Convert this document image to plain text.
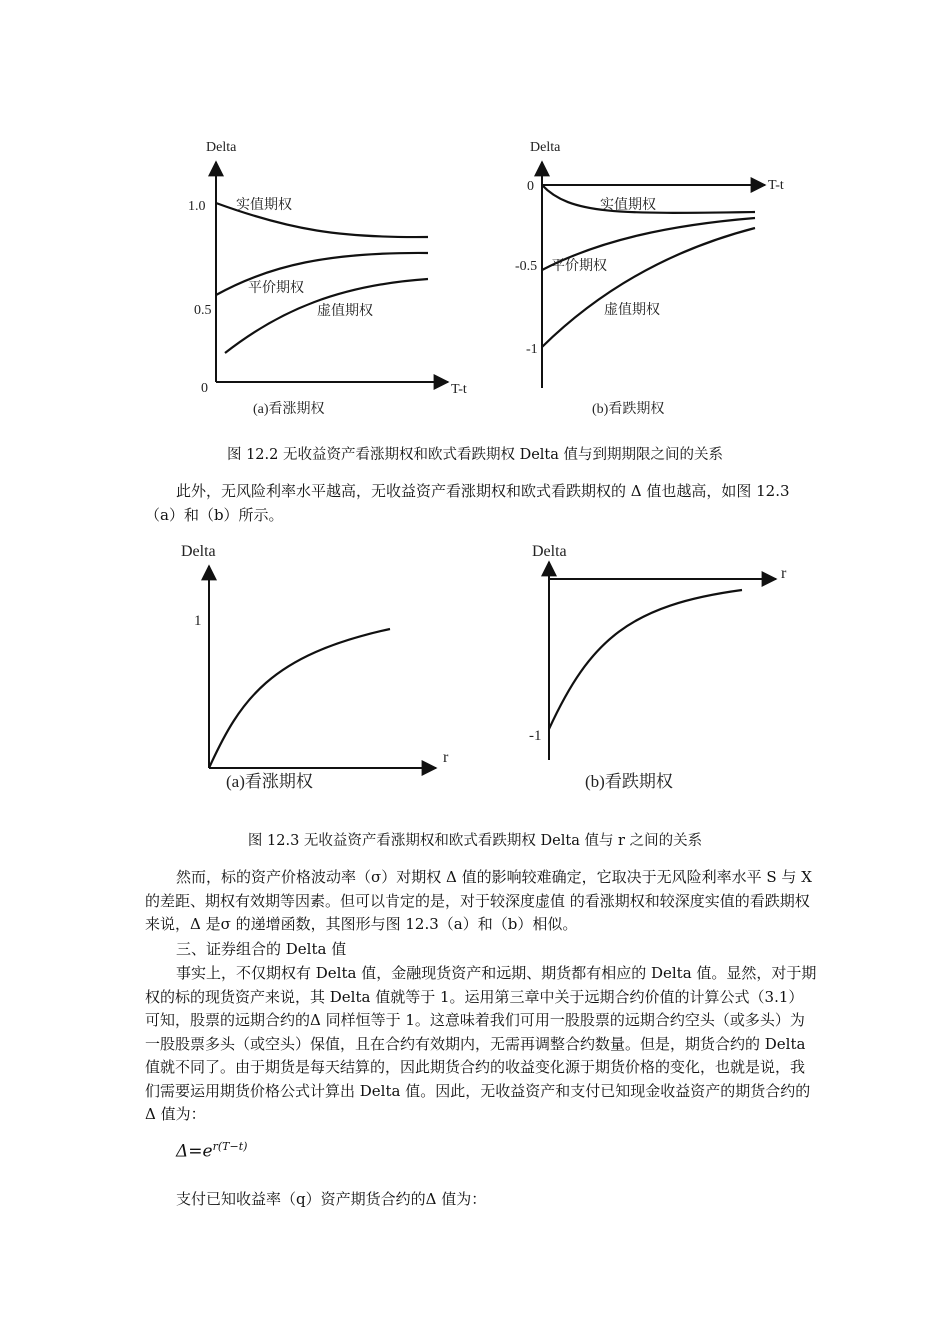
Delta
T-t
1.0
0.5
0
实值期权
平价期权
虚值期权
(a)看涨期权
Delta
T-t
0
-0.5
-1
实值期权
平价期权
虚值期权
(b)看跌期权
Delta
r
1
(a)看涨期权
Delta
r
-1
(b)看跌期权
图 12.2 无收益资产看涨期权和欧式看跌期权 Delta 值与到期期限之间的关系
此外，无风险利率水平越高，无收益资产看涨期权和欧式看跌期权的 Δ 值也越高，如图 12.3（a）和（b）所示。
图 12.3 无收益资产看涨期权和欧式看跌期权 Delta 值与 r 之间的关系
然而，标的资产价格波动率（σ）对期权 Δ 值的影响较难确定，它取决于无风险利率水平 S 与 X 的差距、期权有效期等因素。但可以肯定的是，对于较深度虚值 的看涨期权和较深度实值的看跌期权来说，Δ 是σ 的递增函数，其图形与图 12.3（a）和（b）相似。
三、证券组合的 Delta 值
事实上，不仅期权有 Delta 值，金融现货资产和远期、期货都有相应的 Delta 值。显然，对于期权的标的现货资产来说，其 Delta 值就等于 1。运用第三章中关于远期合约价值的计算公式（3.1）可知，股票的远期合约的Δ 同样恒等于 1。这意味着我们可用一股股票的远期合约空头（或多头）为一股股票多头（或空头）保值，且在合约有效期内，无需再调整合约数量。但是，期货合约的 Delta 值就不同了。由于期货是每天结算的，因此期货合约的收益变化源于期货价格的变化，也就是说，我们需要运用期货价格公式计算出 Delta 值。因此，无收益资产和支付已知现金收益资产的期货合约的Δ 值为：
$\Delta=e^{r(T-t)}$
支付已知收益率（q）资产期货合约的Δ 值为：
